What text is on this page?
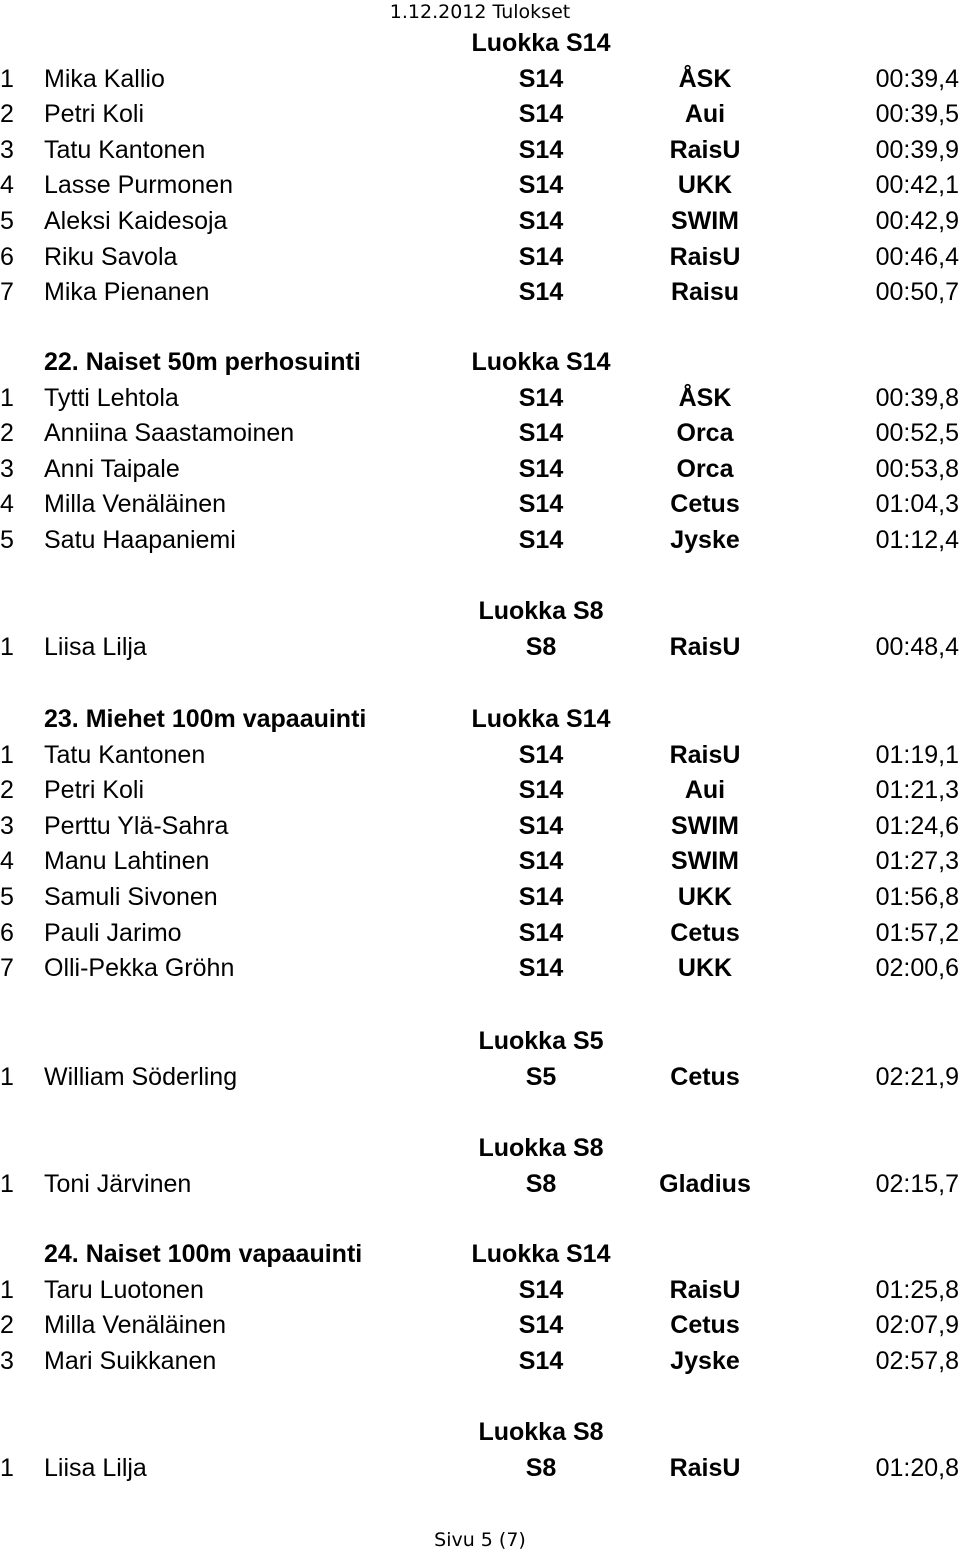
1.12.2012 Tulokset
Luokka S14
1 Mika Kallio	S14	ÅSK	00:39,4
2 Petri Koli	S14	Aui	00:39,5
3 Tatu Kantonen	S14	RaisU	00:39,9
4 Lasse Purmonen	S14	UKK	00:42,1
5 Aleksi Kaidesoja	S14	SWIM	00:42,9
6 Riku Savola	S14	RaisU	00:46,4
7 Mika Pienanen	S14	Raisu	00:50,7
22. Naiset 50m perhosuinti	Luokka S14
1 Tytti Lehtola	S14	ÅSK	00:39,8
2 Anniina Saastamoinen	S14	Orca	00:52,5
3 Anni Taipale	S14	Orca	00:53,8
4 Milla Venäläinen	S14	Cetus	01:04,3
5 Satu Haapaniemi	S14	Jyske	01:12,4
Luokka S8
1 Liisa Lilja	S8	RaisU	00:48,4
23. Miehet 100m vapaauinti	Luokka S14
1 Tatu Kantonen	S14	RaisU	01:19,1
2 Petri Koli	S14	Aui	01:21,3
3 Perttu Ylä-Sahra	S14	SWIM	01:24,6
4 Manu Lahtinen	S14	SWIM	01:27,3
5 Samuli Sivonen	S14	UKK	01:56,8
6 Pauli Jarimo	S14	Cetus	01:57,2
7 Olli-Pekka Gröhn	S14	UKK	02:00,6
Luokka S5
1 William Söderling	S5	Cetus	02:21,9
Luokka S8
1 Toni Järvinen	S8	Gladius	02:15,7
24. Naiset 100m vapaauinti	Luokka S14
1 Taru Luotonen	S14	RaisU	01:25,8
2 Milla Venäläinen	S14	Cetus	02:07,9
3 Mari Suikkanen	S14	Jyske	02:57,8
Luokka S8
1 Liisa Lilja	S8	RaisU	01:20,8
Sivu 5 (7)
